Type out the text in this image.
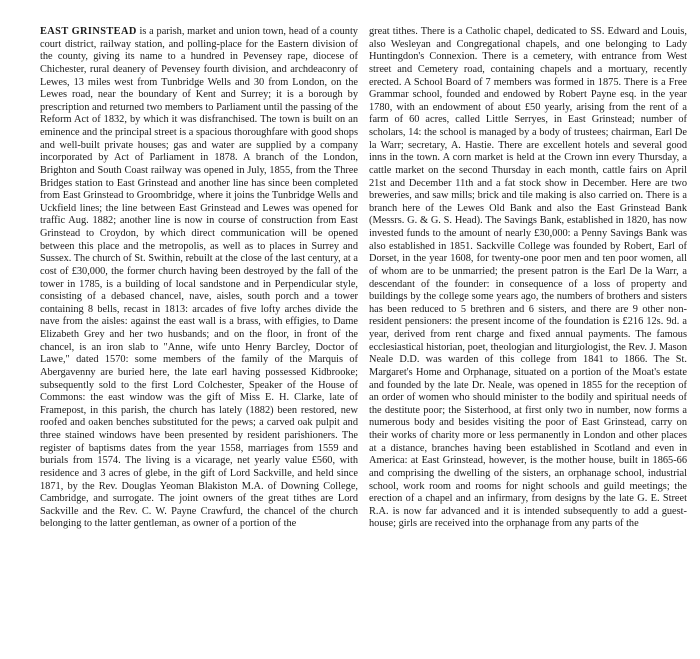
EAST GRINSTEAD is a parish, market and union town, head of a county court district, railway station, and polling-place for the Eastern division of the county, giving its name to a hundred in Pevensey rape, diocese of Chichester, rural deanery of Pevensey fourth division, and archdeaconry of Lewes, 13 miles west from Tunbridge Wells and 30 from London, on the Lewes road, near the boundary of Kent and Surrey; it is a borough by prescription and returned two members to Parliament until the passing of the Reform Act of 1832, by which it was disfranchised. The town is built on an eminence and the principal street is a spacious thoroughfare with good shops and well-built private houses; gas and water are supplied by a company incorporated by Act of Parliament in 1878. A branch of the London, Brighton and South Coast railway was opened in July, 1855, from the Three Bridges station to East Grinstead and another line has since been completed from East Grinstead to Groombridge, where it joins the Tunbridge Wells and Uckfield lines; the line between East Grinstead and Lewes was opened for traffic Aug. 1882; another line is now in course of construction from East Grinstead to Croydon, by which direct communication will be opened between this place and the metropolis, as well as to places in Surrey and Sussex. The church of St. Swithin, rebuilt at the close of the last century, at a cost of £30,000, the former church having been destroyed by the fall of the tower in 1785, is a building of local sandstone and in Perpendicular style, consisting of a debased chancel, nave, aisles, south porch and a tower containing 8 bells, recast in 1813: arcades of five lofty arches divide the nave from the aisles: against the east wall is a brass, with effigies, to Dame Elizabeth Grey and her two husbands; and on the floor, in front of the chancel, is an iron slab to "Anne, wife unto Henry Barcley, Doctor of Lawe," dated 1570: some members of the family of the Marquis of Abergavenny are buried here, the late earl having possessed Kidbrooke; subsequently sold to the first Lord Colchester, Speaker of the House of Commons: the east window was the gift of Miss E. H. Clarke, late of Framepost, in this parish, the church has lately (1882) been restored, new roofed and oaken benches substituted for the pews; a carved oak pulpit and three stained windows have been presented by resident parishioners. The register of baptisms dates from the year 1558, marriages from 1559 and burials from 1574. The living is a vicarage, net yearly value £560, with residence and 3 acres of glebe, in the gift of Lord Sackville, and held since 1871, by the Rev. Douglas Yeoman Blakiston M.A. of Downing College, Cambridge, and surrogate. The joint owners of the great tithes are Lord Sackville and the Rev. C. W. Payne Crawfurd, the chancel of the church belonging to the latter gentleman, as owner of a portion of the

great tithes. There is a Catholic chapel, dedicated to SS. Edward and Louis, also Wesleyan and Congregational chapels, and one belonging to Lady Huntingdon's Connexion. There is a cemetery, with entrance from West street and Cemetery road, containing chapels and a mortuary, recently erected. A School Board of 7 members was formed in 1875. There is a Free Grammar school, founded and endowed by Robert Payne esq. in the year 1780, with an endowment of about £50 yearly, arising from the rent of a farm of 60 acres, called Little Serryes, in East Grinstead; number of scholars, 14: the school is managed by a body of trustees; chairman, Earl De la Warr; secretary, A. Hastie. There are excellent hotels and several good inns in the town. A corn market is held at the Crown inn every Thursday, a cattle market on the second Thursday in each month, cattle fairs on April 21st and December 11th and a fat stock show in December. Here are two breweries, and saw mills; brick and tile making is also carried on. There is a branch here of the Lewes Old Bank and also the East Grinstead Bank (Messrs. G. & G. S. Head). The Savings Bank, established in 1820, has now invested funds to the amount of nearly £30,000: a Penny Savings Bank was also established in 1851. Sackville College was founded by Robert, Earl of Dorset, in the year 1608, for twenty-one poor men and ten poor women, all of whom are to be unmarried; the present patron is the Earl De la Warr, a descendant of the founder: in consequence of a loss of property and buildings by the college some years ago, the numbers of brothers and sisters has been reduced to 5 brethren and 6 sisters, and there are 9 other non-resident pensioners: the present income of the foundation is £216 12s. 9d. a year, derived from rent charge and fixed annual payments. The famous ecclesiastical historian, poet, theologian and liturgiologist, the Rev. J. Mason Neale D.D. was warden of this college from 1841 to 1866. The St. Margaret's Home and Orphanage, situated on a portion of the Moat's estate and founded by the late Dr. Neale, was opened in 1855 for the reception of an order of women who should minister to the bodily and spiritual needs of the destitute poor; the Sisterhood, at first only two in number, now forms a numerous body and besides visiting the poor of East Grinstead, carry on their works of charity more or less permanently in London and other places at a distance, branches having been established in Scotland and even in America: at East Grinstead, however, is the mother house, built in 1865-66 and comprising the dwelling of the sisters, an orphanage school, industrial school, work room and rooms for night schools and guild meetings; the erection of a chapel and an infirmary, from designs by the late G. E. Street R.A. is now far advanced and it is intended subsequently to add a guest-house; girls are received into the orphanage from any parts of the
